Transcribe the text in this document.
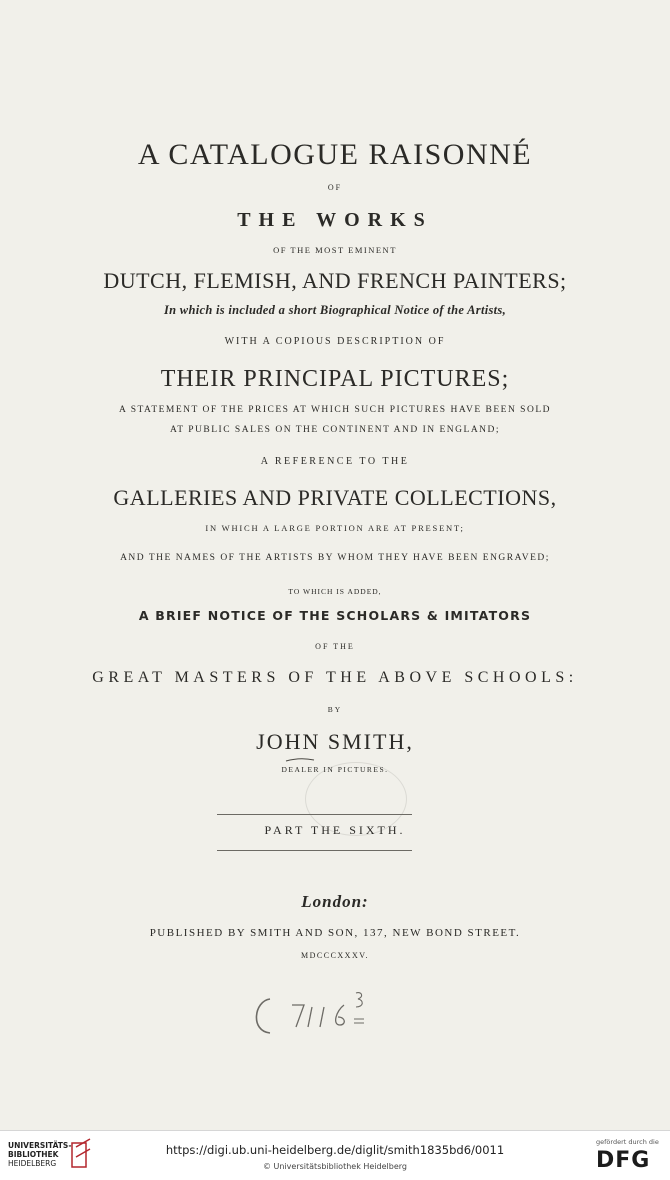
A CATALOGUE RAISONNÉ
OF
THE WORKS
OF THE MOST EMINENT
DUTCH, FLEMISH, AND FRENCH PAINTERS;
In which is included a short Biographical Notice of the Artists,
WITH A COPIOUS DESCRIPTION OF
THEIR PRINCIPAL PICTURES;
A STATEMENT OF THE PRICES AT WHICH SUCH PICTURES HAVE BEEN SOLD
AT PUBLIC SALES ON THE CONTINENT AND IN ENGLAND;
A REFERENCE TO THE
GALLERIES AND PRIVATE COLLECTIONS,
IN WHICH A LARGE PORTION ARE AT PRESENT;
AND THE NAMES OF THE ARTISTS BY WHOM THEY HAVE BEEN ENGRAVED;
TO WHICH IS ADDED,
A BRIEF NOTICE OF THE SCHOLARS & IMITATORS
OF THE
GREAT MASTERS OF THE ABOVE SCHOOLS:
BY
JOHN SMITH,
DEALER IN PICTURES.
PART THE SIXTH.
London:
PUBLISHED BY SMITH AND SON, 137, NEW BOND STREET.
MDCCCXXXV.
UNIVERSITÄTS-
BIBLIOTHEK
HEIDELBERG
https://digi.ub.uni-heidelberg.de/diglit/smith1835bd6/0011
© Universitätsbibliothek Heidelberg
gefördert durch die
DFG
